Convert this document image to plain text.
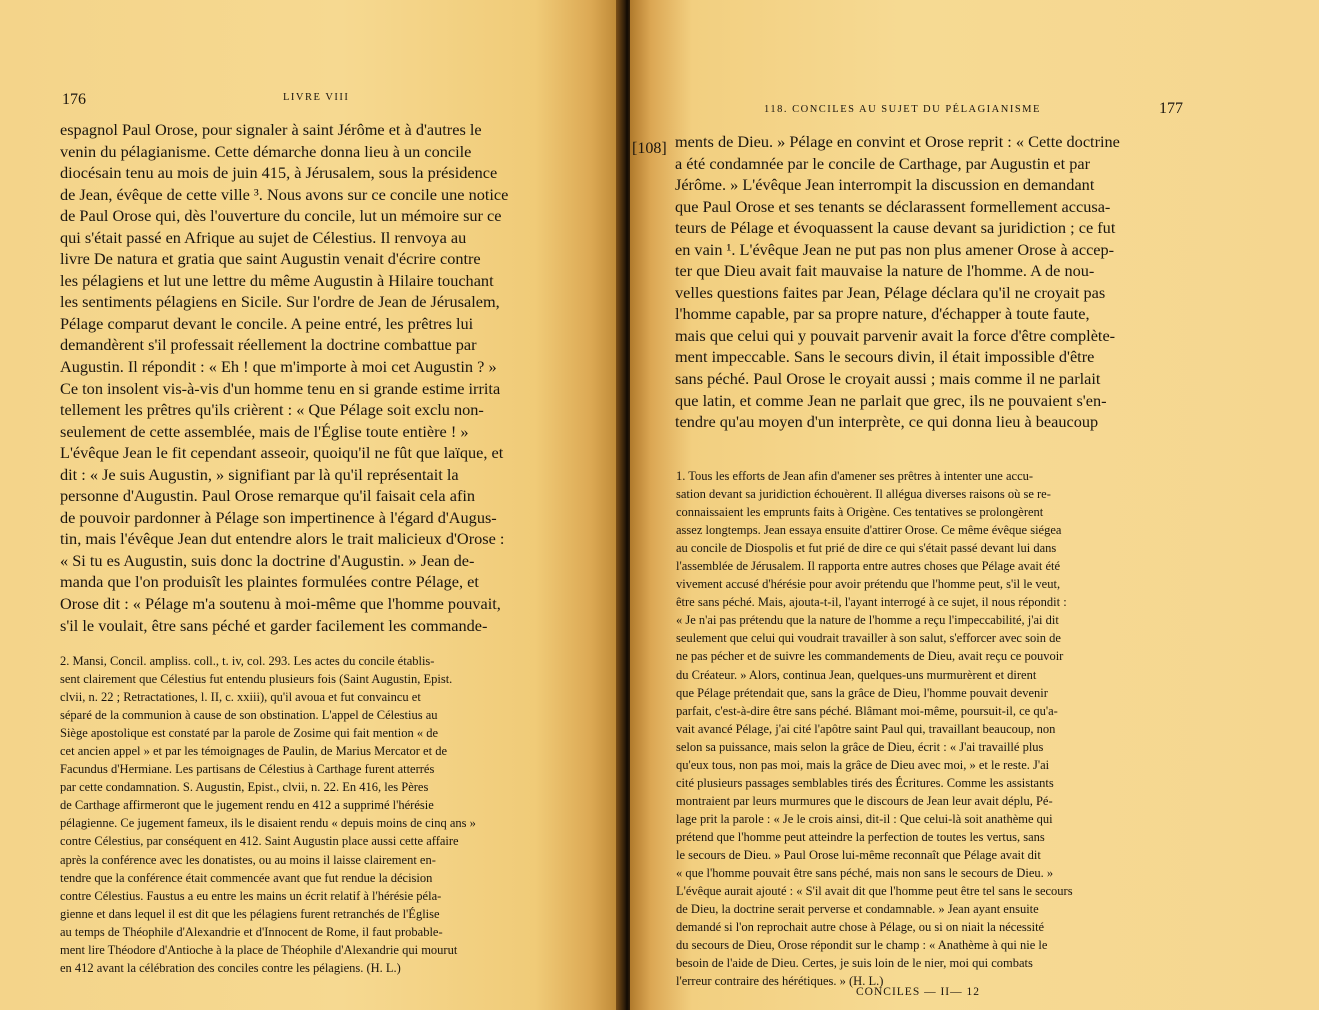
176	LIVRE VIII

espagnol Paul Orose, pour signaler à saint Jérôme et à d'autres le
venin du pélagianisme. Cette démarche donna lieu à un concile
diocésain tenu au mois de juin 415, à Jérusalem, sous la présidence
de Jean, évêque de cette ville ³. Nous avons sur ce concile une notice
de Paul Orose qui, dès l'ouverture du concile, lut un mémoire sur ce
qui s'était passé en Afrique au sujet de Célestius. Il renvoya au
livre De natura et gratia que saint Augustin venait d'écrire contre
les pélagiens et lut une lettre du même Augustin à Hilaire touchant
les sentiments pélagiens en Sicile. Sur l'ordre de Jean de Jérusalem,
Pélage comparut devant le concile. A peine entré, les prêtres lui
demandèrent s'il professait réellement la doctrine combattue par
Augustin. Il répondit : « Eh ! que m'importe à moi cet Augustin ? »
Ce ton insolent vis-à-vis d'un homme tenu en si grande estime irrita
tellement les prêtres qu'ils crièrent : « Que Pélage soit exclu non-
seulement de cette assemblée, mais de l'Église toute entière ! »
L'évêque Jean le fit cependant asseoir, quoiqu'il ne fût que laïque, et
dit : « Je suis Augustin, » signifiant par là qu'il représentait la
personne d'Augustin. Paul Orose remarque qu'il faisait cela afin
de pouvoir pardonner à Pélage son impertinence à l'égard d'Augus-
tin, mais l'évêque Jean dut entendre alors le trait malicieux d'Orose :
« Si tu es Augustin, suis donc la doctrine d'Augustin. » Jean de-
manda que l'on produisît les plaintes formulées contre Pélage, et
Orose dit : « Pélage m'a soutenu à moi-même que l'homme pouvait,
s'il le voulait, être sans péché et garder facilement les commande-

2. Mansi, Concil. ampliss. coll., t. iv, col. 293. Les actes du concile établis-
sent clairement que Célestius fut entendu plusieurs fois (Saint Augustin, Epist.
clvii, n. 22 ; Retractationes, l. II, c. xxiii), qu'il avoua et fut convaincu et
séparé de la communion à cause de son obstination. L'appel de Célestius au
Siège apostolique est constaté par la parole de Zosime qui fait mention « de
cet ancien appel » et par les témoignages de Paulin, de Marius Mercator et de
Facundus d'Hermiane. Les partisans de Célestius à Carthage furent atterrés
par cette condamnation. S. Augustin, Epist., clvii, n. 22. En 416, les Pères
de Carthage affirmeront que le jugement rendu en 412 a supprimé l'hérésie
pélagienne. Ce jugement fameux, ils le disaient rendu « depuis moins de cinq ans »
contre Célestius, par conséquent en 412. Saint Augustin place aussi cette affaire
après la conférence avec les donatistes, ou au moins il laisse clairement en-
tendre que la conférence était commencée avant que fut rendue la décision
contre Célestius. Faustus a eu entre les mains un écrit relatif à l'hérésie péla-
gienne et dans lequel il est dit que les pélagiens furent retranchés de l'Église
au temps de Théophile d'Alexandrie et d'Innocent de Rome, il faut probable-
ment lire Théodore d'Antioche à la place de Théophile d'Alexandrie qui mourut
en 412 avant la célébration des conciles contre les pélagiens. (H. L.)

118. CONCILES AU SUJET DU PÉLAGIANISME	177

ments de Dieu. » Pélage en convint et Orose reprit : « Cette doctrine
a été condamnée par le concile de Carthage, par Augustin et par
Jérôme. » L'évêque Jean interrompit la discussion en demandant
que Paul Orose et ses tenants se déclarassent formellement accusa-
teurs de Pélage et évoquassent la cause devant sa juridiction ; ce fut
en vain ¹. L'évêque Jean ne put pas non plus amener Orose à accep-
ter que Dieu avait fait mauvaise la nature de l'homme. A de nou-
velles questions faites par Jean, Pélage déclara qu'il ne croyait pas
l'homme capable, par sa propre nature, d'échapper à toute faute,
mais que celui qui y pouvait parvenir avait la force d'être complète-
ment impeccable. Sans le secours divin, il était impossible d'être
sans péché. Paul Orose le croyait aussi ; mais comme il ne parlait
que latin, et comme Jean ne parlait que grec, ils ne pouvaient s'en-
tendre qu'au moyen d'un interprète, ce qui donna lieu à beaucoup

1. Tous les efforts de Jean afin d'amener ses prêtres à intenter une accu-
sation devant sa juridiction échouèrent. Il allégua diverses raisons où se re-
connaissaient les emprunts faits à Origène. Ces tentatives se prolongèrent
assez longtemps. Jean essaya ensuite d'attirer Orose. Ce même évêque siégea
au concile de Diospolis et fut prié de dire ce qui s'était passé devant lui dans
l'assemblée de Jérusalem. Il rapporta entre autres choses que Pélage avait été
vivement accusé d'hérésie pour avoir prétendu que l'homme peut, s'il le veut,
être sans péché. Mais, ajouta-t-il, l'ayant interrogé à ce sujet, il nous répondit :
« Je n'ai pas prétendu que la nature de l'homme a reçu l'impeccabilité, j'ai dit
seulement que celui qui voudrait travailler à son salut, s'efforcer avec soin de
ne pas pécher et de suivre les commandements de Dieu, avait reçu ce pouvoir
du Créateur. » Alors, continua Jean, quelques-uns murmurèrent et dirent
que Pélage prétendait que, sans la grâce de Dieu, l'homme pouvait devenir
parfait, c'est-à-dire être sans péché. Blâmant moi-même, poursuit-il, ce qu'a-
vait avancé Pélage, j'ai cité l'apôtre saint Paul qui, travaillant beaucoup, non
selon sa puissance, mais selon la grâce de Dieu, écrit : « J'ai travaillé plus
qu'eux tous, non pas moi, mais la grâce de Dieu avec moi, » et le reste. J'ai
cité plusieurs passages semblables tirés des Écritures. Comme les assistants
montraient par leurs murmures que le discours de Jean leur avait déplu, Pé-
lage prit la parole : « Je le crois ainsi, dit-il : Que celui-là soit anathème qui
prétend que l'homme peut atteindre la perfection de toutes les vertus, sans
le secours de Dieu. » Paul Orose lui-même reconnaît que Pélage avait dit
« que l'homme pouvait être sans péché, mais non sans le secours de Dieu. »
L'évêque aurait ajouté : « S'il avait dit que l'homme peut être tel sans le secours
de Dieu, la doctrine serait perverse et condamnable. » Jean ayant ensuite
demandé si l'on reprochait autre chose à Pélage, ou si on niait la nécessité
du secours de Dieu, Orose répondit sur le champ : « Anathème à qui nie le
besoin de l'aide de Dieu. Certes, je suis loin de le nier, moi qui combats
l'erreur contraire des hérétiques. » (H. L.)

[108]
CONCILES — II— 12
